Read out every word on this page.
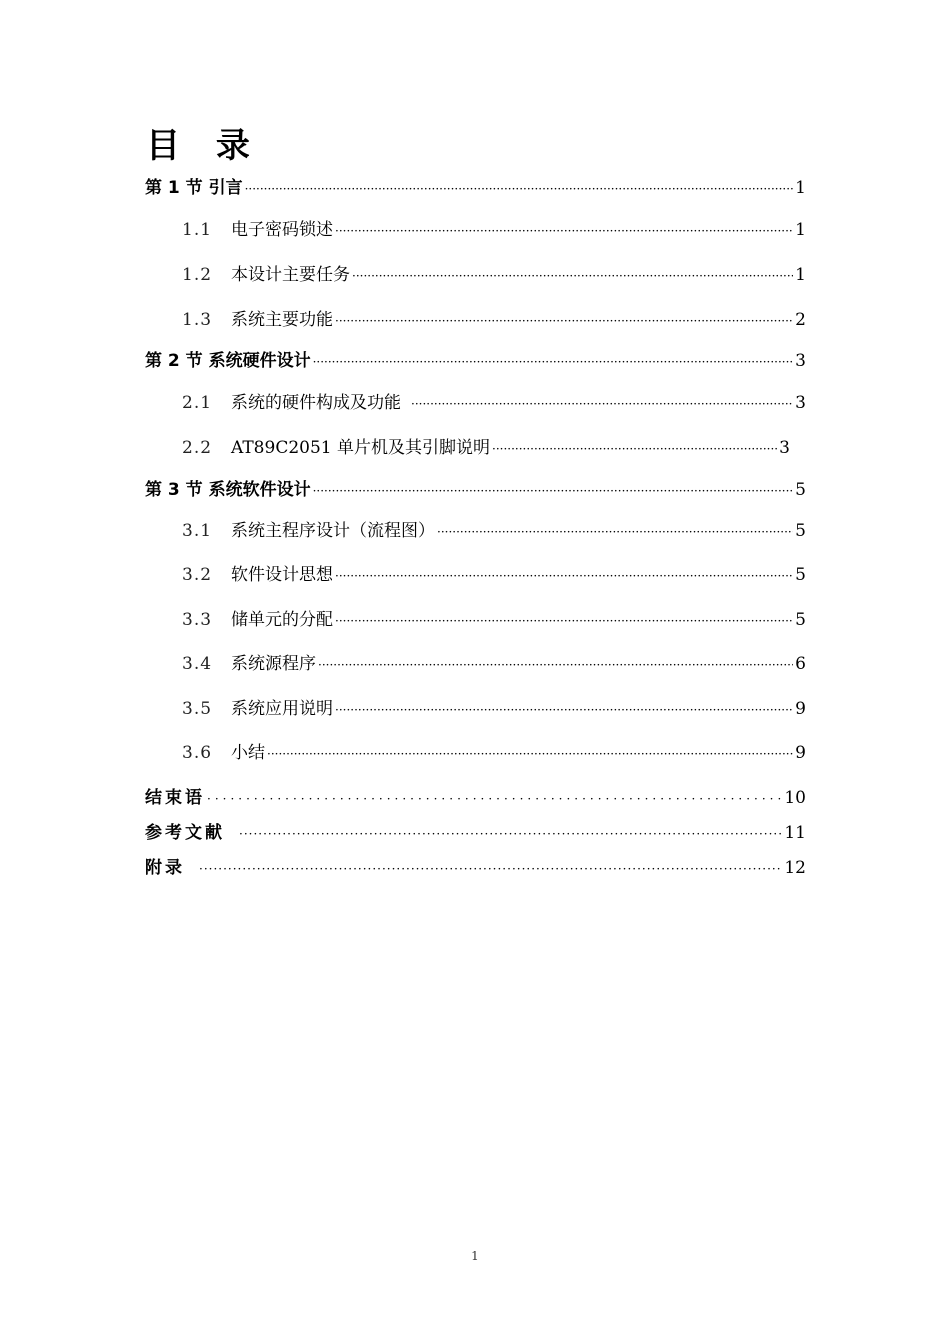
目 录
第 1 节 引言 ·····	1
1.1	电子密码锁述 ·····	1
1.2	本设计主要任务 ·····	1
1.3	系统主要功能 ·····	2
第 2 节 系统硬件设计 ·····	3
2.1	系统的硬件构成及功能 ·····	3
2.2	AT89C2051 单片机及其引脚说明 ·····	3
第 3 节 系统软件设计 ·····	5
3.1	系统主程序设计（流程图） ·····	5
3.2	软件设计思想 ·····	5
3.3	储单元的分配 ·····	5
3.4	系统源程序 ·····	6
3.5	系统应用说明 ·····	9
3.6	小结 ·····	9
结束语 ·····	10
参考文献 ·····	11
附录 ·····	12
1
